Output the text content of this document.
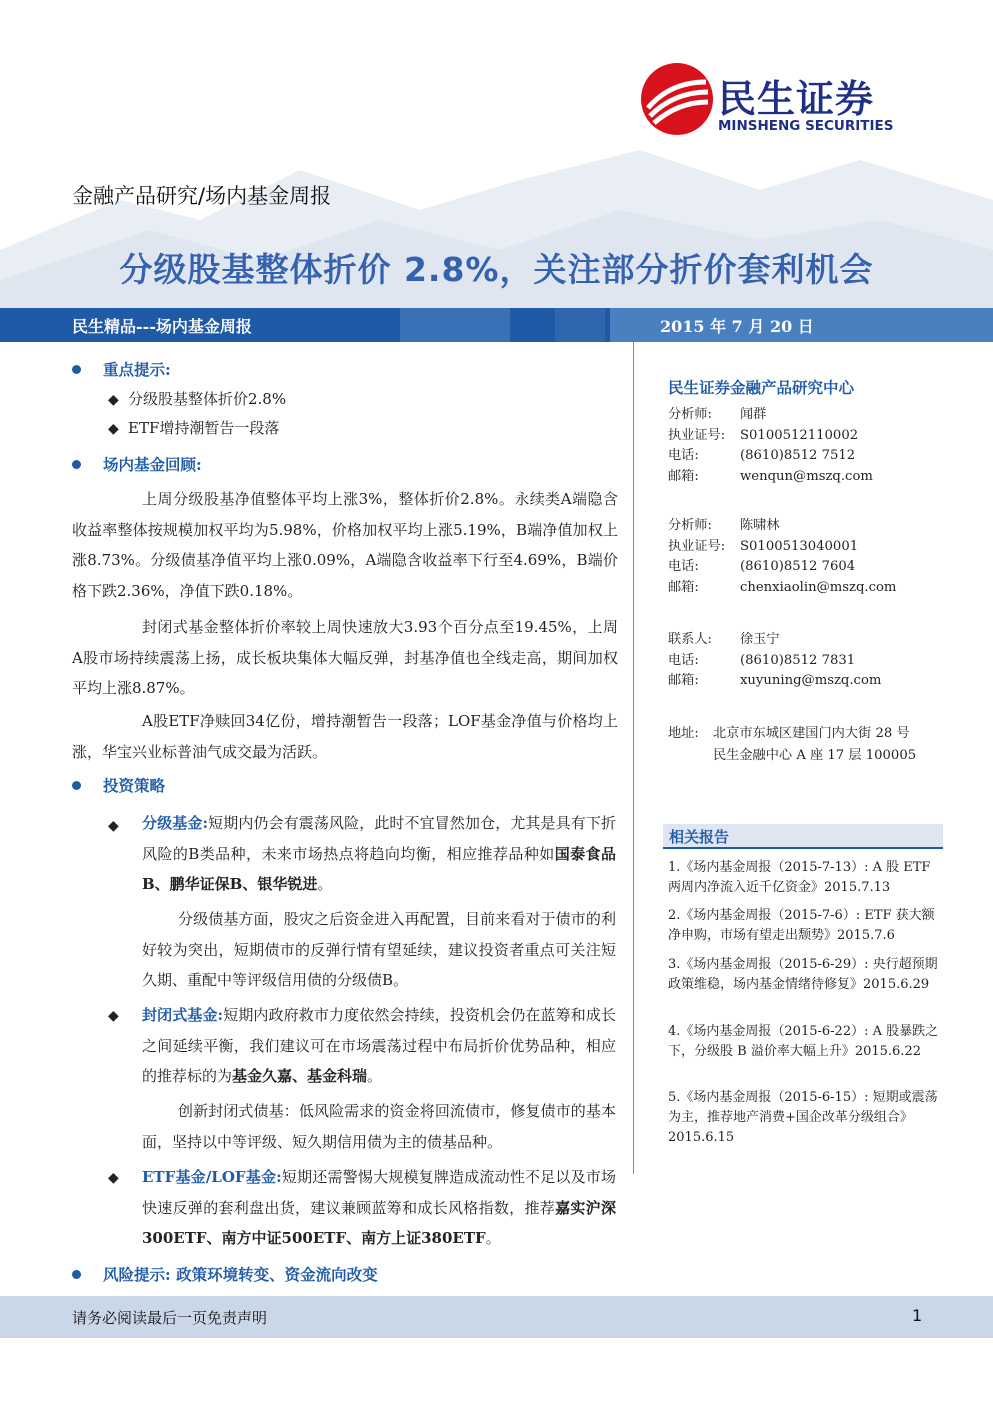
民生证券
MINSHENG SECURITIES
金融产品研究/场内基金周报
分级股基整体折价 2.8%，关注部分折价套利机会
民生精品---场内基金周报	2015 年 7 月 20 日
重点提示:
◆ 分级股基整体折价2.8%
◆ ETF增持潮暂告一段落
场内基金回顾:
上周分级股基净值整体平均上涨3%，整体折价2.8%。永续类A端隐含收益率整体按规模加权平均为5.98%，价格加权平均上涨5.19%，B端净值加权上涨8.73%。分级债基净值平均上涨0.09%，A端隐含收益率下行至4.69%，B端价格下跌2.36%，净值下跌0.18%。
封闭式基金整体折价率较上周快速放大3.93个百分点至19.45%，上周A股市场持续震荡上扬，成长板块集体大幅反弹，封基净值也全线走高，期间加权平均上涨8.87%。
A股ETF净赎回34亿份，增持潮暂告一段落；LOF基金净值与价格均上涨，华宝兴业标普油气成交最为活跃。
投资策略
◆	分级基金:短期内仍会有震荡风险，此时不宜冒然加仓，尤其是具有下折风险的B类品种，未来市场热点将趋向均衡，相应推荐品种如国泰食品B、鹏华证保B、银华锐进。
分级债基方面，股灾之后资金进入再配置，目前来看对于债市的利好较为突出，短期债市的反弹行情有望延续，建议投资者重点可关注短久期、重配中等评级信用债的分级债B。
◆	封闭式基金:短期内政府救市力度依然会持续，投资机会仍在蓝筹和成长之间延续平衡，我们建议可在市场震荡过程中布局折价优势品种，相应的推荐标的为基金久嘉、基金科瑞。
创新封闭式债基：低风险需求的资金将回流债市，修复债市的基本面，坚持以中等评级、短久期信用债为主的债基品种。
◆	ETF基金/LOF基金:短期还需警惕大规模复牌造成流动性不足以及市场快速反弹的套利盘出货，建议兼顾蓝筹和成长风格指数，推荐嘉实沪深300ETF、南方中证500ETF、南方上证380ETF。
风险提示: 政策环境转变、资金流向改变
民生证券金融产品研究中心
分析师: 闻群
执业证号: S0100512110002
电话:	(8610)8512 7512
邮箱:	wenqun@mszq.com
分析师: 陈啸林
执业证号: S0100513040001
电话:	(8610)8512 7604
邮箱:	chenxiaolin@mszq.com
联系人: 徐玉宁
电话:	(8610)8512 7831
邮箱:	xuyuning@mszq.com
地址: 北京市东城区建国门内大街 28 号
民生金融中心 A 座 17 层 100005
相关报告
1.《场内基金周报（2015-7-13）: A 股 ETF 两周内净流入近千亿资金》2015.7.13
2.《场内基金周报（2015-7-6）: ETF 获大额净申购，市场有望走出颓势》2015.7.6
3.《场内基金周报（2015-6-29）: 央行超预期政策维稳，场内基金情绪待修复》2015.6.29
4.《场内基金周报（2015-6-22）: A 股暴跌之下，分级股 B 溢价率大幅上升》2015.6.22
5.《场内基金周报（2015-6-15）: 短期或震荡为主，推荐地产消费+国企改革分级组合》2015.6.15
请务必阅读最后一页免责声明	1
